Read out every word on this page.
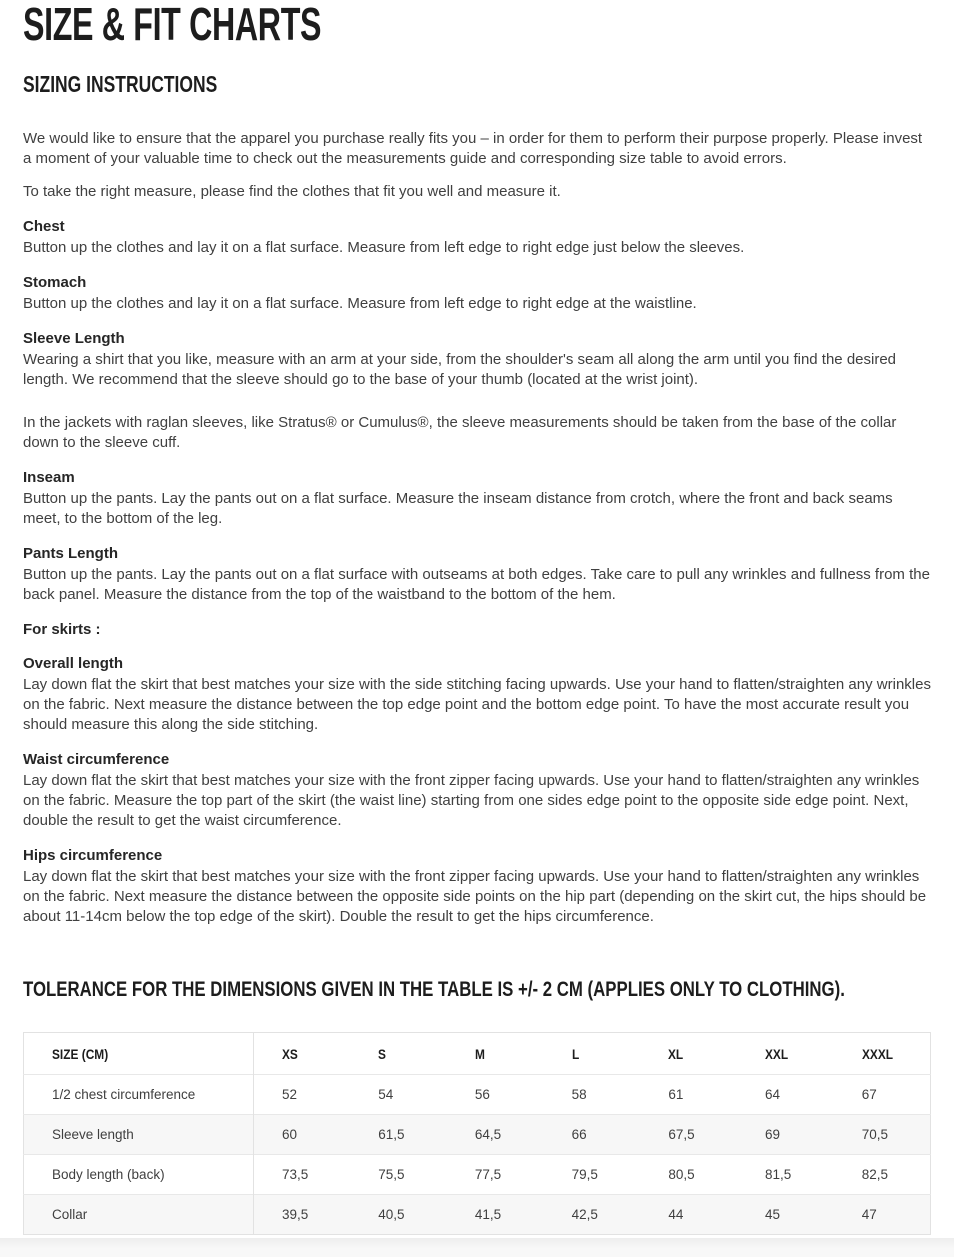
SIZE & FIT CHARTS
SIZING INSTRUCTIONS

We would like to ensure that the apparel you purchase really fits you – in order for them to perform their purpose properly. Please invest a moment of your valuable time to check out the measurements guide and corresponding size table to avoid errors.

To take the right measure, please find the clothes that fit you well and measure it.

Chest

Button up the clothes and lay it on a flat surface. Measure from left edge to right edge just below the sleeves.

Stomach

Button up the clothes and lay it on a flat surface. Measure from left edge to right edge at the waistline.

Sleeve Length

Wearing a shirt that you like, measure with an arm at your side, from the shoulder's seam all along the arm until you find the desired length. We recommend that the sleeve should go to the base of your thumb (located at the wrist joint).

In the jackets with raglan sleeves, like Stratus® or Cumulus®, the sleeve measurements should be taken from the base of the collar down to the sleeve cuff.

Inseam

Button up the pants. Lay the pants out on a flat surface. Measure the inseam distance from crotch, where the front and back seams meet, to the bottom of the leg.

Pants Length

Button up the pants. Lay the pants out on a flat surface with outseams at both edges. Take care to pull any wrinkles and fullness from the back panel. Measure the distance from the top of the waistband to the bottom of the hem.

For skirts :
Overall length

Lay down flat the skirt that best matches your size with the side stitching facing upwards. Use your hand to flatten/straighten any wrinkles on the fabric. Next measure the distance between the top edge point and the bottom edge point. To have the most accurate result you should measure this along the side stitching.

Waist circumference

Lay down flat the skirt that best matches your size with the front zipper facing upwards. Use your hand to flatten/straighten any wrinkles on the fabric. Measure the top part of the skirt (the waist line) starting from one sides edge point to the opposite side edge point. Next, double the result to get the waist circumference.

Hips circumference

Lay down flat the skirt that best matches your size with the front zipper facing upwards. Use your hand to flatten/straighten any wrinkles on the fabric. Next measure the distance between the opposite side points on the hip part (depending on the skirt cut, the hips should be about 11-14cm below the top edge of the skirt). Double the result to get the hips circumference.

TOLERANCE FOR THE DIMENSIONS GIVEN IN THE TABLE IS +/- 2 CM (APPLIES ONLY TO CLOTHING).
SIZE (CM)	XS	S	M	L	XL	XXL	XXXL
1/2 chest circumference	52	54	56	58	61	64	67
Sleeve length	60	61,5	64,5	66	67,5	69	70,5
Body length (back)	73,5	75,5	77,5	79,5	80,5	81,5	82,5
Collar	39,5	40,5	41,5	42,5	44	45	47
